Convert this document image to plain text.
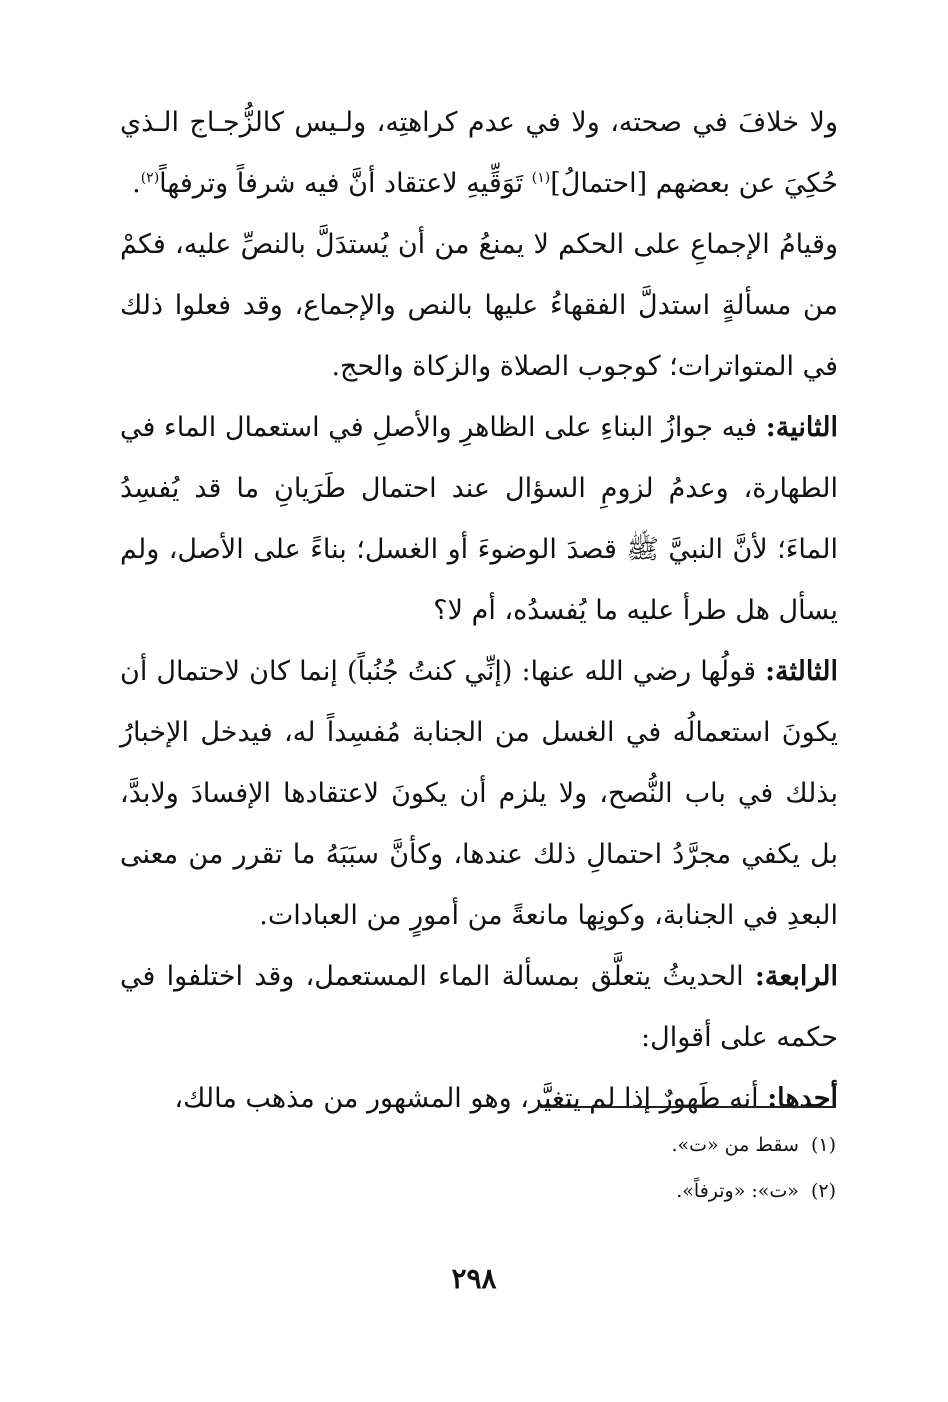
ولا خلافَ في صحته، ولا في عدم كراهتِه، ولـيس كالزُّجـاج الـذي حُكِيَ عن بعضهم [احتمالُ]$^{(١)}$ تَوَقِّيهِ لاعتقاد أنَّ فيه شرفاً وترفهاً$^{(٢)}$.

وقيامُ الإجماعِ على الحكم لا يمنعُ من أن يُستدَلَّ بالنصِّ عليه، فكمْ من مسألةٍ استدلَّ الفقهاءُ عليها بالنص والإجماع، وقد فعلوا ذلك في المتواترات؛ كوجوب الصلاة والزكاة والحج.

الثانية: فيه جوازُ البناءِ على الظاهرِ والأصلِ في استعمال الماء في الطهارة، وعدمُ لزومِ السؤال عند احتمال طَرَيانِ ما قد يُفسِدُ الماءَ؛ لأنَّ النبيَّ ﷺ قصدَ الوضوءَ أو الغسل؛ بناءً على الأصل، ولم يسأل هل طرأ عليه ما يُفسدُه، أم لا؟

الثالثة: قولُها رضي الله عنها: (إنِّي كنتُ جُنُباً) إنما كان لاحتمال أن يكونَ استعمالُه في الغسل من الجنابة مُفسِداً له، فيدخل الإخبارُ بذلك في باب النُّصح، ولا يلزم أن يكونَ لاعتقادها الإفسادَ ولابدَّ، بل يكفي مجرَّدُ احتمالِ ذلك عندها، وكأنَّ سبَبَهُ ما تقرر من معنى البعدِ في الجنابة، وكونِها مانعةً من أمورٍ من العبادات.

الرابعة: الحديثُ يتعلَّق بمسألة الماء المستعمل، وقد اختلفوا في حكمه على أقوال:

أحدها: أنه طَهورٌ إذا لم يتغيَّر، وهو المشهور من مذهب مالك،

(١)سقط من «ت».

(٢)«ت»: «وترفاً».

٢٩٨
